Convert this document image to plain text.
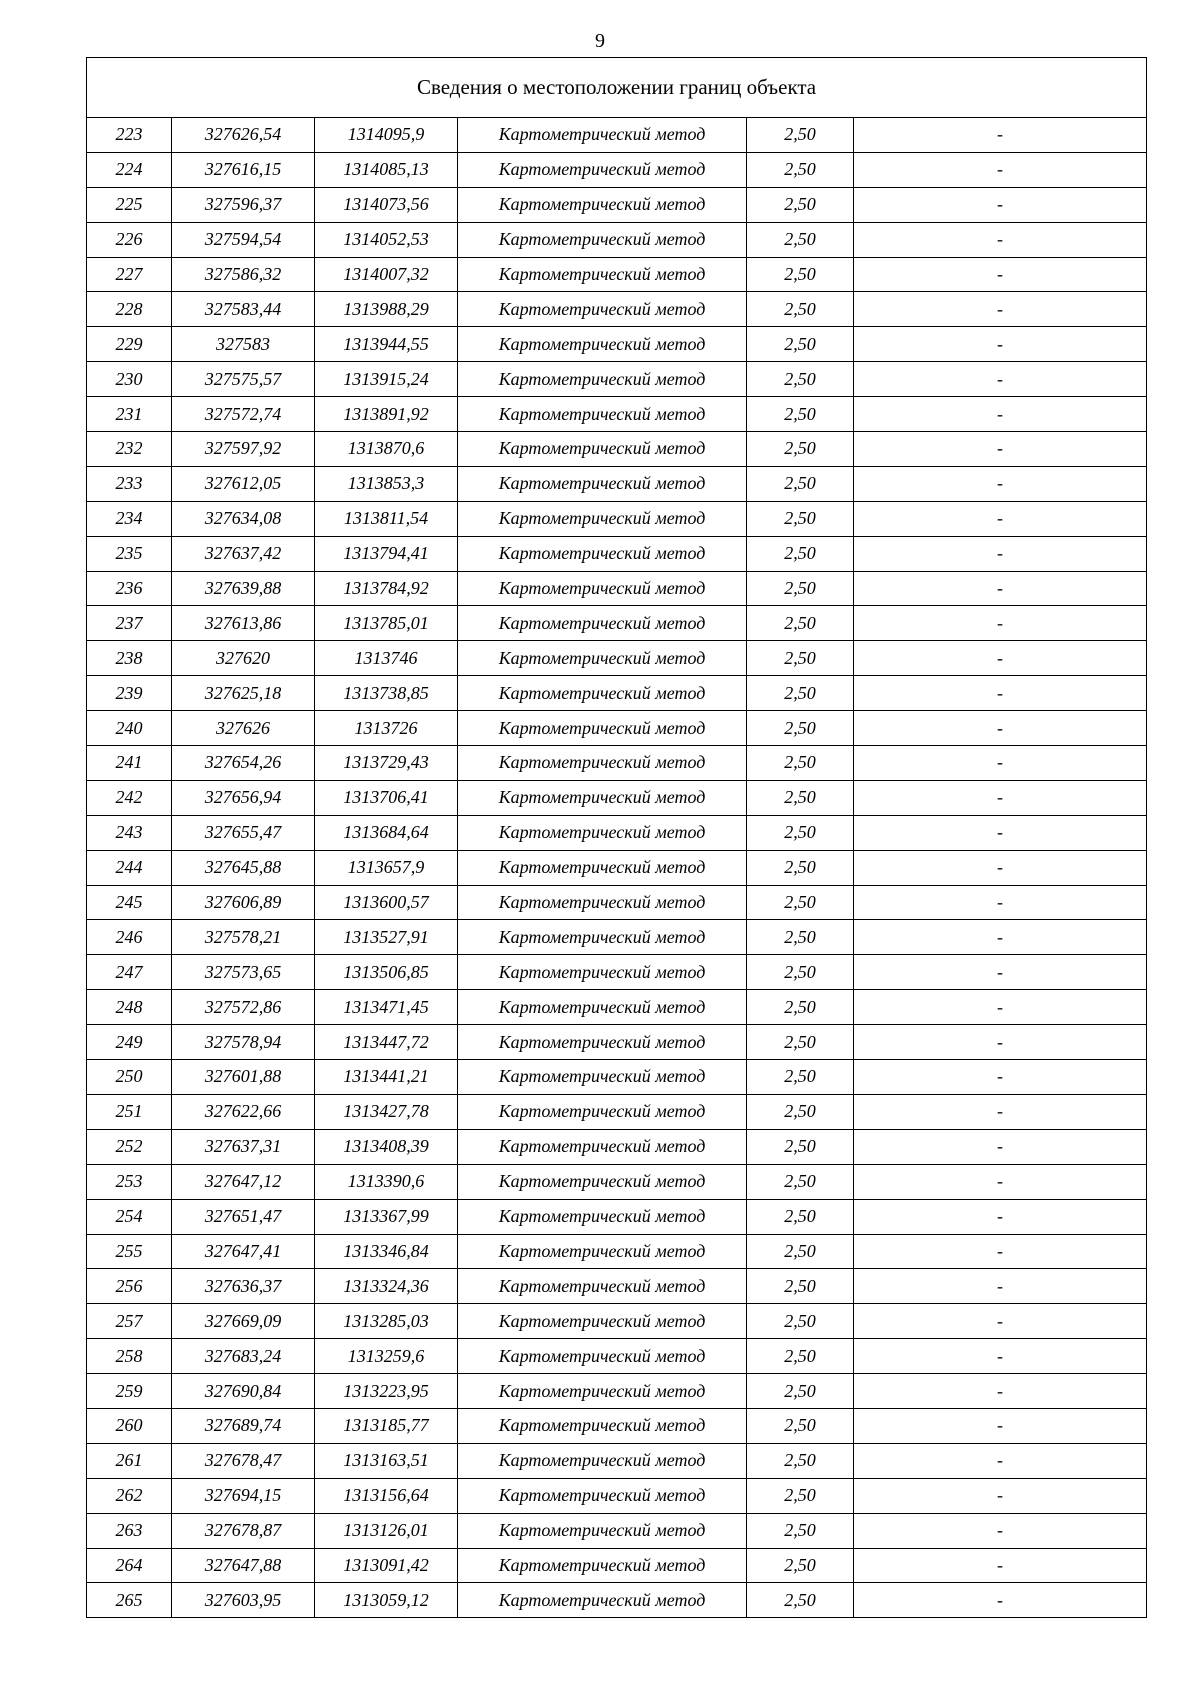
9
Сведения о местоположении границ объекта					
223	327626,54	1314095,9	Картометрический метод	2,50	-
224	327616,15	1314085,13	Картометрический метод	2,50	-
225	327596,37	1314073,56	Картометрический метод	2,50	-
226	327594,54	1314052,53	Картометрический метод	2,50	-
227	327586,32	1314007,32	Картометрический метод	2,50	-
228	327583,44	1313988,29	Картометрический метод	2,50	-
229	327583	1313944,55	Картометрический метод	2,50	-
230	327575,57	1313915,24	Картометрический метод	2,50	-
231	327572,74	1313891,92	Картометрический метод	2,50	-
232	327597,92	1313870,6	Картометрический метод	2,50	-
233	327612,05	1313853,3	Картометрический метод	2,50	-
234	327634,08	1313811,54	Картометрический метод	2,50	-
235	327637,42	1313794,41	Картометрический метод	2,50	-
236	327639,88	1313784,92	Картометрический метод	2,50	-
237	327613,86	1313785,01	Картометрический метод	2,50	-
238	327620	1313746	Картометрический метод	2,50	-
239	327625,18	1313738,85	Картометрический метод	2,50	-
240	327626	1313726	Картометрический метод	2,50	-
241	327654,26	1313729,43	Картометрический метод	2,50	-
242	327656,94	1313706,41	Картометрический метод	2,50	-
243	327655,47	1313684,64	Картометрический метод	2,50	-
244	327645,88	1313657,9	Картометрический метод	2,50	-
245	327606,89	1313600,57	Картометрический метод	2,50	-
246	327578,21	1313527,91	Картометрический метод	2,50	-
247	327573,65	1313506,85	Картометрический метод	2,50	-
248	327572,86	1313471,45	Картометрический метод	2,50	-
249	327578,94	1313447,72	Картометрический метод	2,50	-
250	327601,88	1313441,21	Картометрический метод	2,50	-
251	327622,66	1313427,78	Картометрический метод	2,50	-
252	327637,31	1313408,39	Картометрический метод	2,50	-
253	327647,12	1313390,6	Картометрический метод	2,50	-
254	327651,47	1313367,99	Картометрический метод	2,50	-
255	327647,41	1313346,84	Картометрический метод	2,50	-
256	327636,37	1313324,36	Картометрический метод	2,50	-
257	327669,09	1313285,03	Картометрический метод	2,50	-
258	327683,24	1313259,6	Картометрический метод	2,50	-
259	327690,84	1313223,95	Картометрический метод	2,50	-
260	327689,74	1313185,77	Картометрический метод	2,50	-
261	327678,47	1313163,51	Картометрический метод	2,50	-
262	327694,15	1313156,64	Картометрический метод	2,50	-
263	327678,87	1313126,01	Картометрический метод	2,50	-
264	327647,88	1313091,42	Картометрический метод	2,50	-
265	327603,95	1313059,12	Картометрический метод	2,50	-
